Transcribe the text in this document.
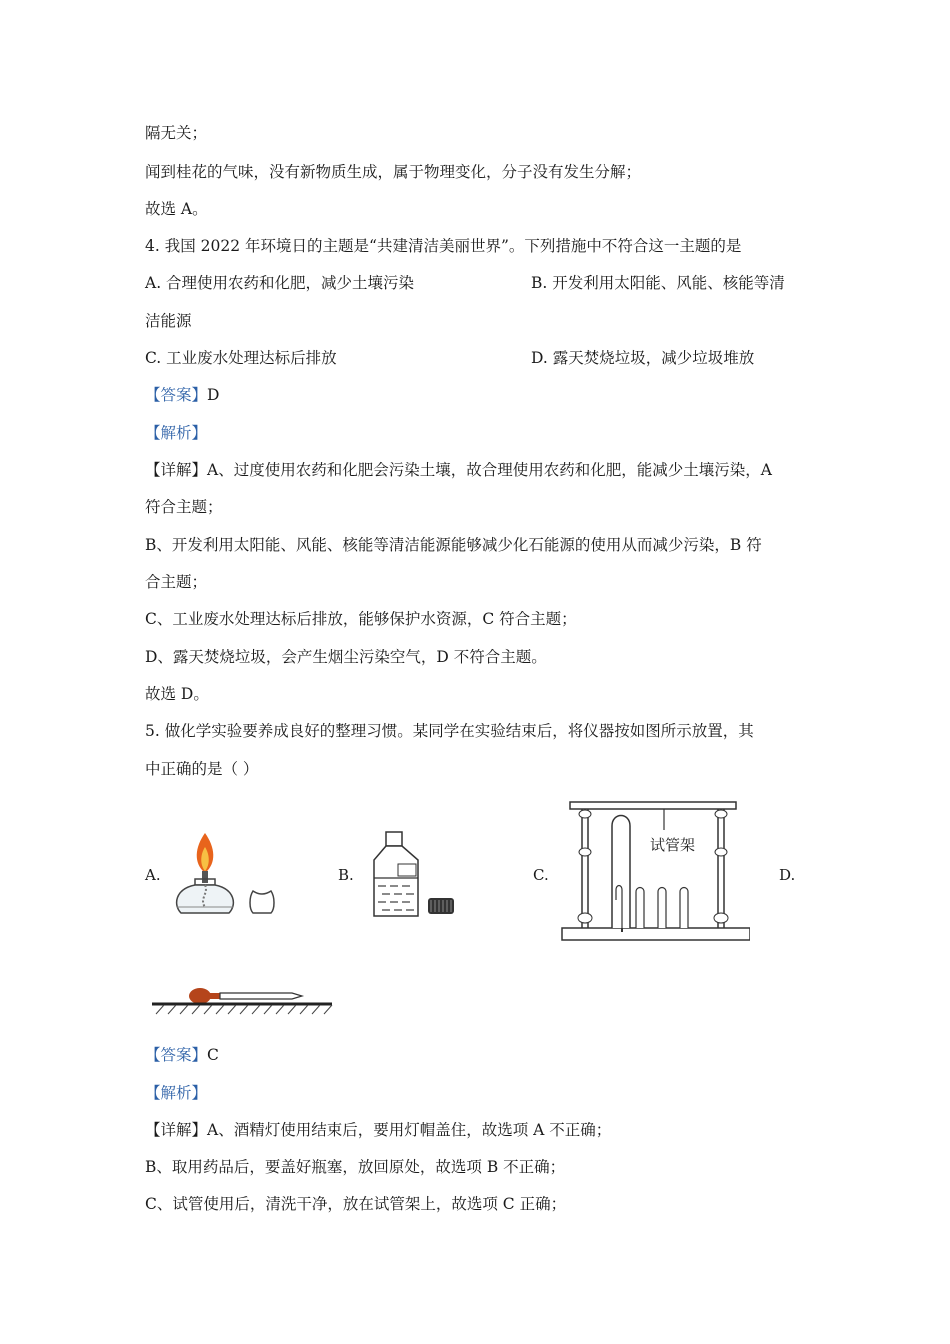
隔无关；
闻到桂花的气味，没有新物质生成，属于物理变化，分子没有发生分解；
故选 A。
4. 我国 2022 年环境日的主题是“共建清洁美丽世界”。下列措施中不符合这一主题的是
A. 合理使用农药和化肥，减少土壤污染	B. 开发利用太阳能、风能、核能等清
洁能源
C. 工业废水处理达标后排放	D. 露天焚烧垃圾，减少垃圾堆放
【答案】D
【解析】
【详解】A、过度使用农药和化肥会污染土壤，故合理使用农药和化肥，能减少土壤污染，A
符合主题；
B、开发利用太阳能、风能、核能等清洁能源能够减少化石能源的使用从而减少污染，B 符
合主题；
C、工业废水处理达标后排放，能够保护水资源，C 符合主题；
D、露天焚烧垃圾，会产生烟尘污染空气，D 不符合主题。
故选 D。
5. 做化学实验要养成良好的整理习惯。某同学在实验结束后，将仪器按如图所示放置，其
中正确的是（ ）
A.	B.	C.	D.
试管架
【答案】C
【解析】
【详解】A、酒精灯使用结束后，要用灯帽盖住，故选项 A 不正确；
B、取用药品后，要盖好瓶塞，放回原处，故选项 B 不正确；
C、试管使用后，清洗干净，放在试管架上，故选项 C 正确；
